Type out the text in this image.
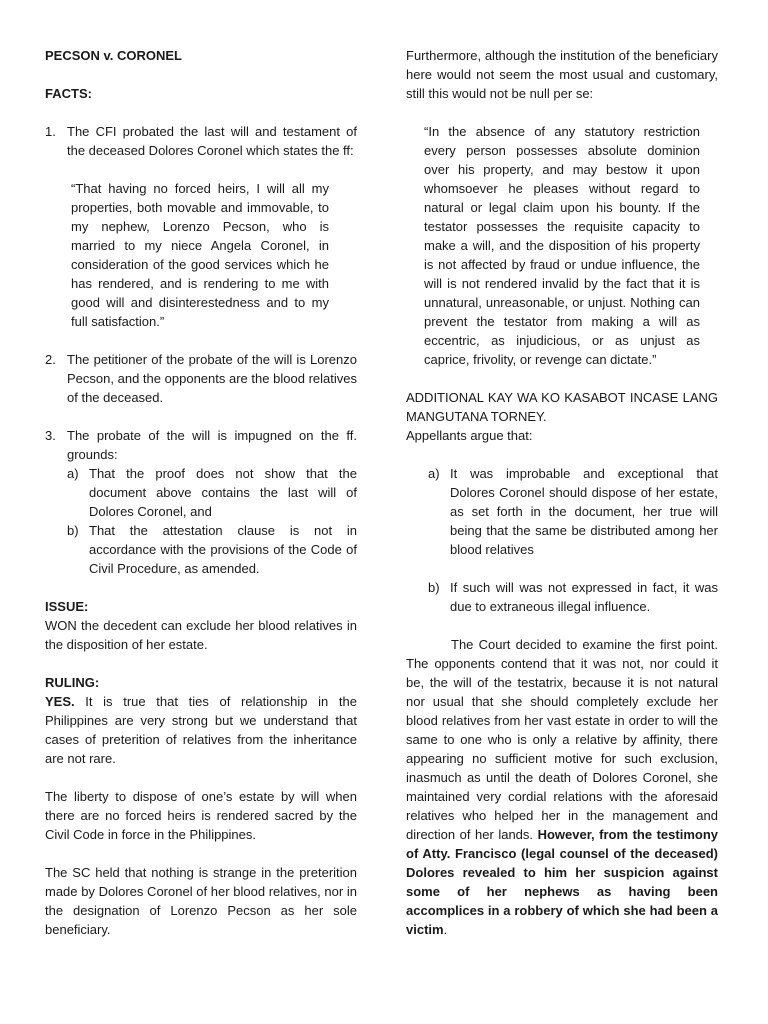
PECSON v. CORONEL

FACTS:

1. The CFI probated the last will and testament of the deceased Dolores Coronel which states the ff:

“That having no forced heirs, I will all my properties, both movable and immovable, to my nephew, Lorenzo Pecson, who is married to my niece Angela Coronel, in consideration of the good services which he has rendered, and is rendering to me with good will and disinterestedness and to my full satisfaction.”

2. The petitioner of the probate of the will is Lorenzo Pecson, and the opponents are the blood relatives of the deceased.

3. The probate of the will is impugned on the ff. grounds:

a) That the proof does not show that the document above contains the last will of Dolores Coronel, and

b) That the attestation clause is not in accordance with the provisions of the Code of Civil Procedure, as amended.

ISSUE:

WON the decedent can exclude her blood relatives in the disposition of her estate.

RULING:

YES. It is true that ties of relationship in the Philippines are very strong but we understand that cases of preterition of relatives from the inheritance are not rare.

The liberty to dispose of one’s estate by will when there are no forced heirs is rendered sacred by the Civil Code in force in the Philippines.

The SC held that nothing is strange in the preterition made by Dolores Coronel of her blood relatives, nor in the designation of Lorenzo Pecson as her sole beneficiary.

Furthermore, although the institution of the beneficiary here would not seem the most usual and customary, still this would not be null per se:

“In the absence of any statutory restriction every person possesses absolute dominion over his property, and may bestow it upon whomsoever he pleases without regard to natural or legal claim upon his bounty. If the testator possesses the requisite capacity to make a will, and the disposition of his property is not affected by fraud or undue influence, the will is not rendered invalid by the fact that it is unnatural, unreasonable, or unjust. Nothing can prevent the testator from making a will as eccentric, as injudicious, or as unjust as caprice, frivolity, or revenge can dictate.”

ADDITIONAL KAY WA KO KASABOT INCASE LANG MANGUTANA TORNEY.

Appellants argue that:

a) It was improbable and exceptional that Dolores Coronel should dispose of her estate, as set forth in the document, her true will being that the same be distributed among her blood relatives

b) If such will was not expressed in fact, it was due to extraneous illegal influence.

The Court decided to examine the first point. The opponents contend that it was not, nor could it be, the will of the testatrix, because it is not natural nor usual that she should completely exclude her blood relatives from her vast estate in order to will the same to one who is only a relative by affinity, there appearing no sufficient motive for such exclusion, inasmuch as until the death of Dolores Coronel, she maintained very cordial relations with the aforesaid relatives who helped her in the management and direction of her lands. However, from the testimony of Atty. Francisco (legal counsel of the deceased) Dolores revealed to him her suspicion against some of her nephews as having been accomplices in a robbery of which she had been a victim.
